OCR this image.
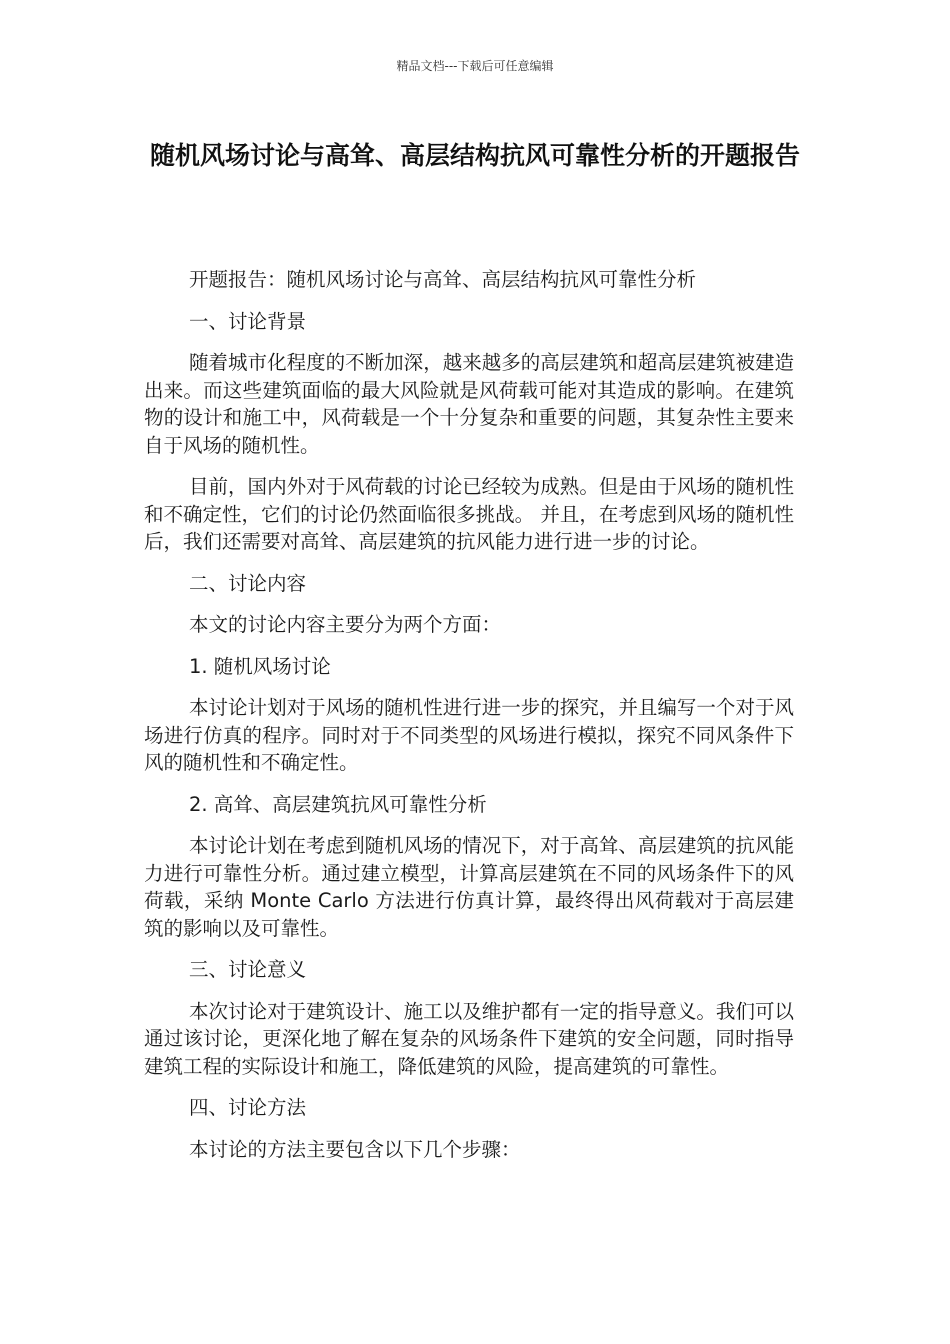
精品文档---下载后可任意编辑
随机风场讨论与高耸、高层结构抗风可靠性分析的开题报告

开题报告：随机风场讨论与高耸、高层结构抗风可靠性分析

一、讨论背景

随着城市化程度的不断加深，越来越多的高层建筑和超高层建筑被建造出来。而这些建筑面临的最大风险就是风荷载可能对其造成的影响。在建筑物的设计和施工中，风荷载是一个十分复杂和重要的问题，其复杂性主要来自于风场的随机性。

目前，国内外对于风荷载的讨论已经较为成熟。但是由于风场的随机性和不确定性，它们的讨论仍然面临很多挑战。 并且，在考虑到风场的随机性后，我们还需要对高耸、高层建筑的抗风能力进行进一步的讨论。

二、讨论内容

本文的讨论内容主要分为两个方面：

1. 随机风场讨论

本讨论计划对于风场的随机性进行进一步的探究，并且编写一个对于风场进行仿真的程序。同时对于不同类型的风场进行模拟，探究不同风条件下风的随机性和不确定性。

2. 高耸、高层建筑抗风可靠性分析

本讨论计划在考虑到随机风场的情况下，对于高耸、高层建筑的抗风能力进行可靠性分析。通过建立模型，计算高层建筑在不同的风场条件下的风荷载，采纳 Monte Carlo 方法进行仿真计算，最终得出风荷载对于高层建筑的影响以及可靠性。

三、讨论意义

本次讨论对于建筑设计、施工以及维护都有一定的指导意义。我们可以通过该讨论，更深化地了解在复杂的风场条件下建筑的安全问题，同时指导建筑工程的实际设计和施工，降低建筑的风险，提高建筑的可靠性。

四、讨论方法

本讨论的方法主要包含以下几个步骤：
